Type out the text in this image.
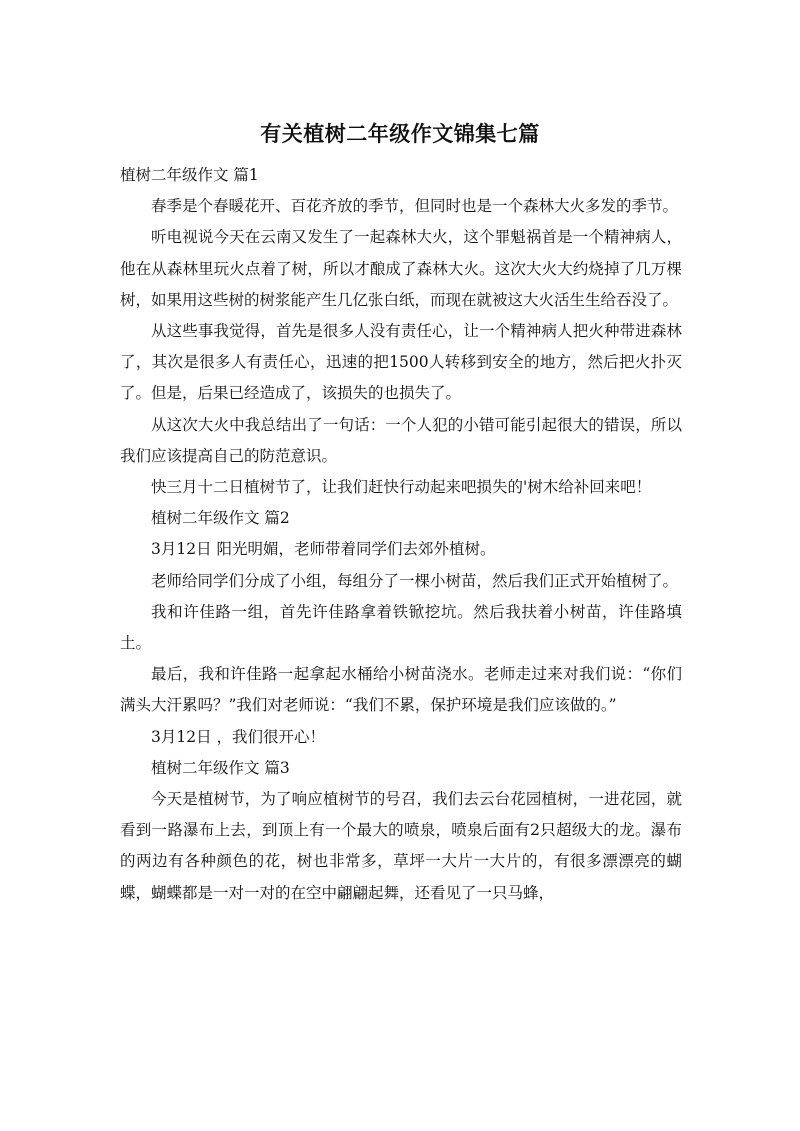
有关植树二年级作文锦集七篇

植树二年级作文 篇1

春季是个春暖花开、百花齐放的季节，但同时也是一个森林大火多发的季节。

听电视说今天在云南又发生了一起森林大火，这个罪魁祸首是一个精神病人，他在从森林里玩火点着了树，所以才酿成了森林大火。这次大火大约烧掉了几万棵树，如果用这些树的树浆能产生几亿张白纸，而现在就被这大火活生生给吞没了。

从这些事我觉得，首先是很多人没有责任心，让一个精神病人把火种带进森林了，其次是很多人有责任心，迅速的把1500人转移到安全的地方，然后把火扑灭了。但是，后果已经造成了，该损失的也损失了。

从这次大火中我总结出了一句话：一个人犯的小错可能引起很大的错误，所以我们应该提高自己的防范意识。

快三月十二日植树节了，让我们赶快行动起来吧损失的'树木给补回来吧！

植树二年级作文 篇2

3月12日 阳光明媚，老师带着同学们去郊外植树。

老师给同学们分成了小组，每组分了一棵小树苗，然后我们正式开始植树了。

我和许佳路一组，首先许佳路拿着铁锨挖坑。然后我扶着小树苗，许佳路填土。

最后，我和许佳路一起拿起水桶给小树苗浇水。老师走过来对我们说：“你们满头大汗累吗？”我们对老师说：“我们不累，保护环境是我们应该做的。”

3月12日 ，我们很开心！

植树二年级作文 篇3

今天是植树节，为了响应植树节的号召，我们去云台花园植树，一进花园，就看到一路瀑布上去，到顶上有一个最大的喷泉，喷泉后面有2只超级大的龙。瀑布的两边有各种颜色的花，树也非常多，草坪一大片一大片的，有很多漂漂亮的蝴蝶，蝴蝶都是一对一对的在空中翩翩起舞，还看见了一只马蜂，
